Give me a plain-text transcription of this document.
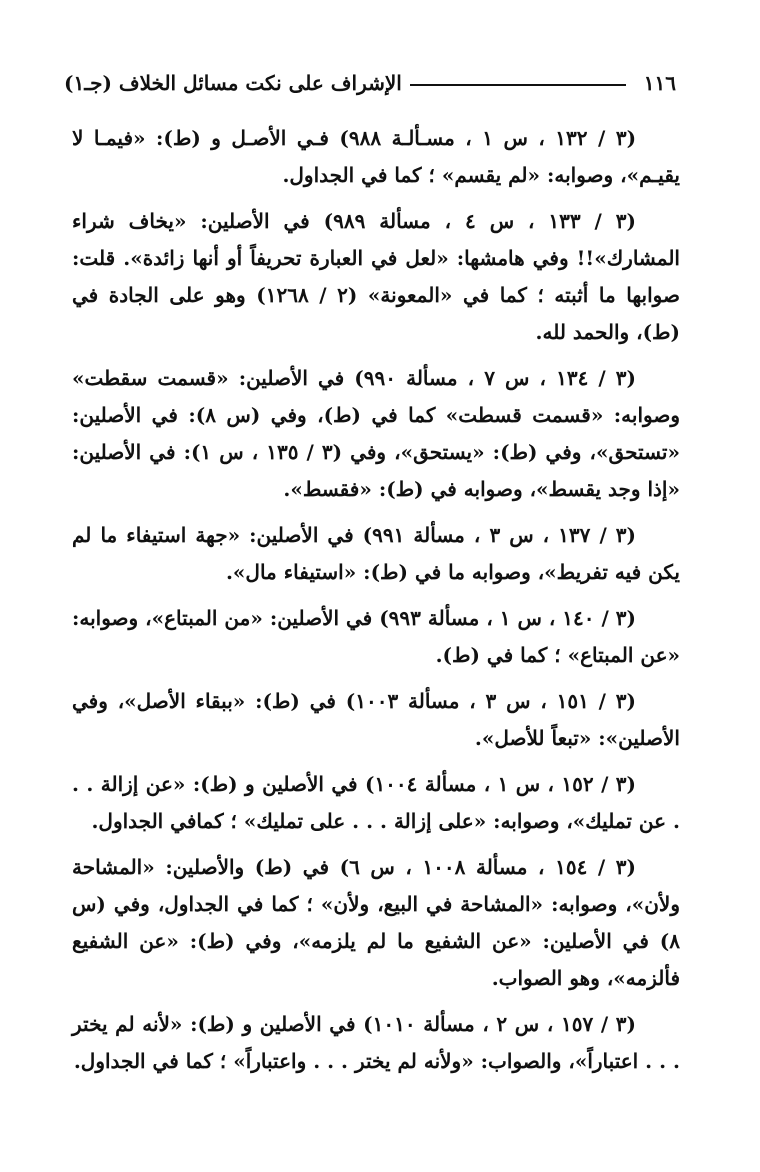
١١٦
الإشراف على نكت مسائل الخلاف (جـ١)

(٣ / ١٣٢ ، س ١ ، مسـألـة ٩٨٨) فـي الأصـل و (ط): «فيمـا لا يقيـم»، وصوابه: «لم يقسم» ؛ كما في الجداول.

(٣ / ١٣٣ ، س ٤ ، مسألة ٩٨٩) في الأصلين: «يخاف شراء المشارك»!! وفي هامشها: «لعل في العبارة تحريفاً أو أنها زائدة». قلت: صوابها ما أثبته ؛ كما في «المعونة» (٢ / ١٢٦٨) وهو على الجادة في (ط)، والحمد لله.

(٣ / ١٣٤ ، س ٧ ، مسألة ٩٩٠) في الأصلين: «قسمت سقطت» وصوابه: «قسمت قسطت» كما في (ط)، وفي (س ٨): في الأصلين: «تستحق»، وفي (ط): «يستحق»، وفي (٣ / ١٣٥ ، س ١): في الأصلين: «إذا وجد يقسط»، وصوابه في (ط): «فقسط».

(٣ / ١٣٧ ، س ٣ ، مسألة ٩٩١) في الأصلين: «جهة استيفاء ما لم يكن فيه تفريط»، وصوابه ما في (ط): «استيفاء مال».

(٣ / ١٤٠ ، س ١ ، مسألة ٩٩٣) في الأصلين: «من المبتاع»، وصوابه: «عن المبتاع» ؛ كما في (ط).

(٣ / ١٥١ ، س ٣ ، مسألة ١٠٠٣) في (ط): «ببقاء الأصل»، وفي الأصلين»: «تبعاً للأصل».

(٣ / ١٥٢ ، س ١ ، مسألة ١٠٠٤) في الأصلين و (ط): «عن إزالة . . . عن تمليك»، وصوابه: «على إزالة . . . على تمليك» ؛ كمافي الجداول.

(٣ / ١٥٤ ، مسألة ١٠٠٨ ، س ٦) في (ط) والأصلين: «المشاحة ولأن»، وصوابه: «المشاحة في البيع، ولأن» ؛ كما في الجداول، وفي (س ٨) في الأصلين: «عن الشفيع ما لم يلزمه»، وفي (ط): «عن الشفيع فألزمه»، وهو الصواب.

(٣ / ١٥٧ ، س ٢ ، مسألة ١٠١٠) في الأصلين و (ط): «لأنه لم يختر . . . اعتباراً»، والصواب: «ولأنه لم يختر . . . واعتباراً» ؛ كما في الجداول.
